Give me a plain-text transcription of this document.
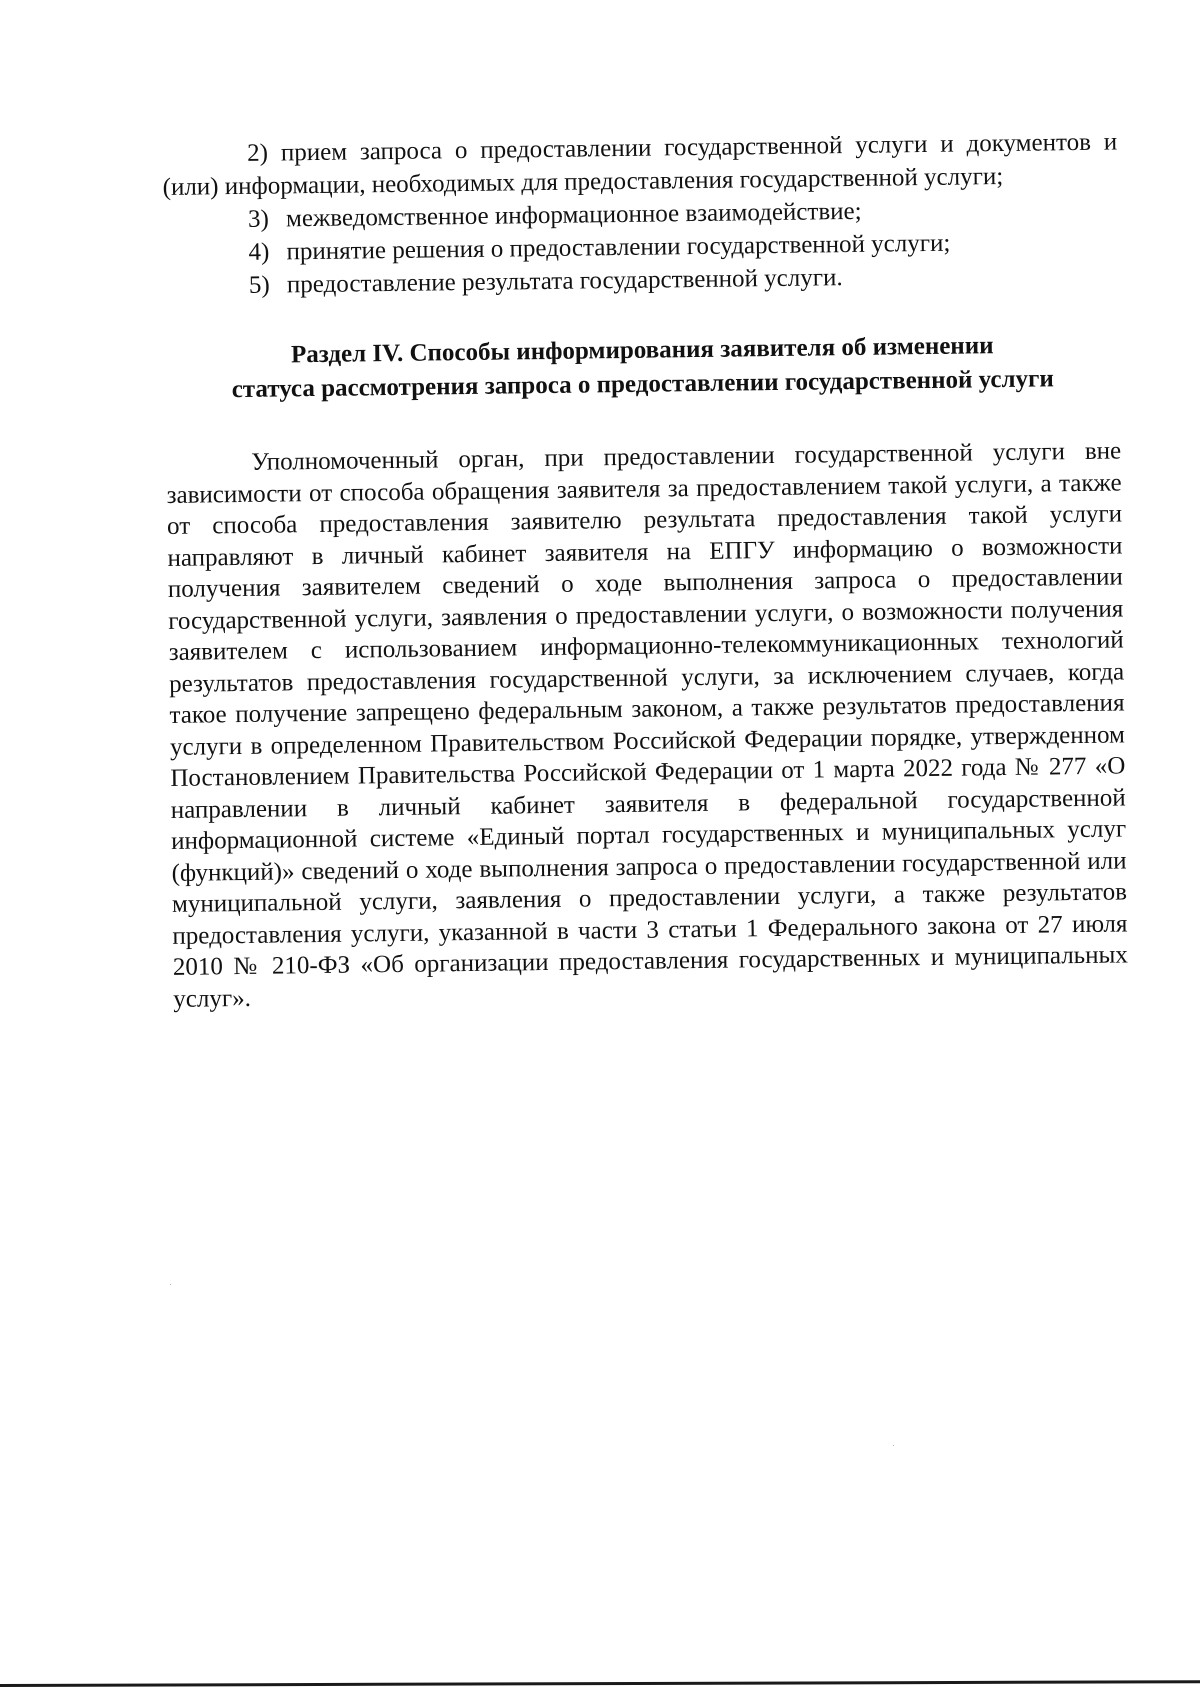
2) прием запроса о предоставлении государственной услуги и документов и (или) информации, необходимых для предоставления государственной услуги;

3) межведомственное информационное взаимодействие;
4) принятие решения о предоставлении государственной услуги;
5) предоставление результата государственной услуги.
Раздел IV. Способы информирования заявителя об изменении
статуса рассмотрения запроса о предоставлении государственной услуги

Уполномоченный орган, при предоставлении государственной услуги вне зависимости от способа обращения заявителя за предоставлением такой услуги, а также от способа предоставления заявителю результата предоставления такой услуги направляют в личный кабинет заявителя на ЕПГУ информацию о возможности получения заявителем сведений о ходе выполнения запроса о предоставлении государственной услуги, заявления о предоставлении услуги, о возможности получения заявителем с использованием информационно-телекоммуникационных технологий результатов предоставления государственной услуги, за исключением случаев, когда такое получение запрещено федеральным законом, а также результатов предоставления услуги в определенном Правительством Российской Федерации порядке, утвержденном Постановлением Правительства Российской Федерации от 1 марта 2022 года № 277 «О направлении в личный кабинет заявителя в федеральной государственной информационной системе «Единый портал государственных и муниципальных услуг (функций)» сведений о ходе выполнения запроса о предоставлении государственной или муниципальной услуги, заявления о предоставлении услуги, а также результатов предоставления услуги, указанной в части 3 статьи 1 Федерального закона от 27 июля 2010 № 210-ФЗ «Об организации предоставления государственных и муниципальных услуг».
